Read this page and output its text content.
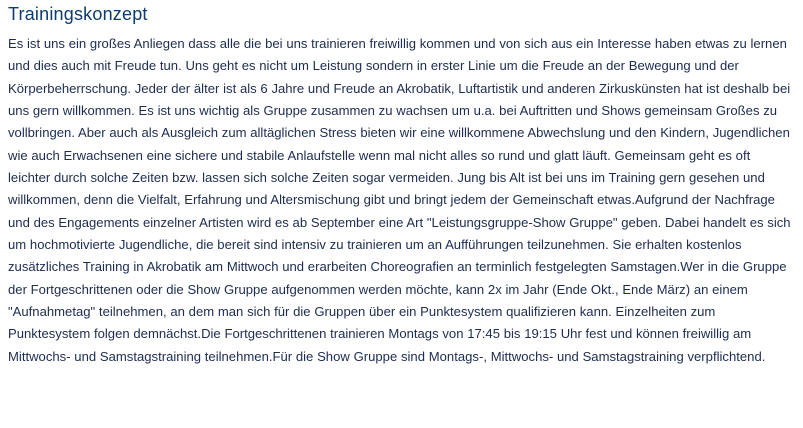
Trainingskonzept

Es ist uns ein großes Anliegen dass alle die bei uns trainieren freiwillig kommen und von sich aus ein Interesse haben etwas zu lernen und dies auch mit Freude tun. Uns geht es nicht um Leistung sondern in erster Linie um die Freude an der Bewegung und der Körperbeherrschung. Jeder der älter ist als 6 Jahre und Freude an Akrobatik, Luftartistik und anderen Zirkuskünsten hat ist deshalb bei uns gern willkommen. Es ist uns wichtig als Gruppe zusammen zu wachsen um u.a. bei Auftritten und Shows gemeinsam Großes zu vollbringen. Aber auch als Ausgleich zum alltäglichen Stress bieten wir eine willkommene Abwechslung und den Kindern, Jugendlichen wie auch Erwachsenen eine sichere und stabile Anlaufstelle wenn mal nicht alles so rund und glatt läuft. Gemeinsam geht es oft leichter durch solche Zeiten bzw. lassen sich solche Zeiten sogar vermeiden. Jung bis Alt ist bei uns im Training gern gesehen und willkommen, denn die Vielfalt, Erfahrung und Altersmischung gibt und bringt jedem der Gemeinschaft etwas.Aufgrund der Nachfrage und des Engagements einzelner Artisten wird es ab September eine Art "Leistungsgruppe-Show Gruppe" geben. Dabei handelt es sich um hochmotivierte Jugendliche, die bereit sind intensiv zu trainieren um an Aufführungen teilzunehmen. Sie erhalten kostenlos zusätzliches Training in Akrobatik am Mittwoch und erarbeiten Choreografien an terminlich festgelegten Samstagen.Wer in die Gruppe der Fortgeschrittenen oder die Show Gruppe aufgenommen werden möchte, kann 2x im Jahr (Ende Okt., Ende März) an einem "Aufnahmetag" teilnehmen, an dem man sich für die Gruppen über ein Punktesystem qualifizieren kann. Einzelheiten zum Punktesystem folgen demnächst.Die Fortgeschrittenen trainieren Montags von 17:45 bis 19:15 Uhr fest und können freiwillig am Mittwochs- und Samstagstraining teilnehmen.Für die Show Gruppe sind Montags-, Mittwochs- und Samstagstraining verpflichtend.
